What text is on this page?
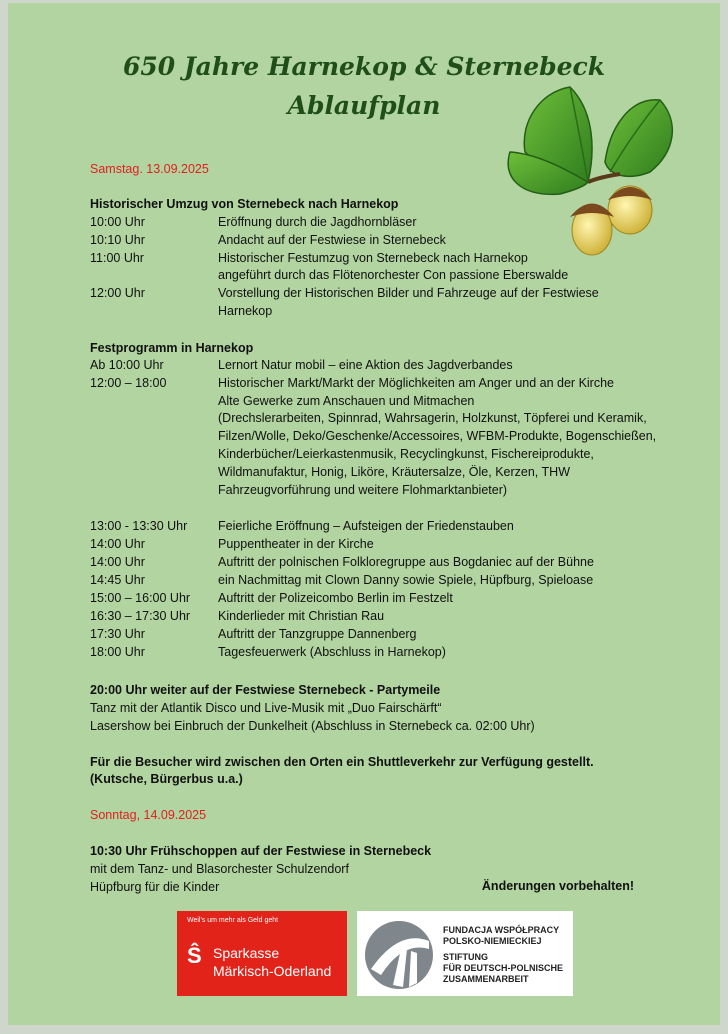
650 Jahre Harnekop & Sternebeck
Ablaufplan
Samstag. 13.09.2025
Historischer Umzug von Sternebeck nach Harnekop
10:00 Uhr	Eröffnung durch die Jagdhornbläser
10:10 Uhr	Andacht auf der Festwiese in Sternebeck
11:00 Uhr	Historischer Festumzug von Sternebeck nach Harnekop
angeführt durch das Flötenorchester Con passione Eberswalde
12:00 Uhr	Vorstellung der Historischen Bilder und Fahrzeuge auf der Festwiese
Harnekop
Festprogramm in Harnekop
Ab 10:00 Uhr	Lernort Natur mobil – eine Aktion des Jagdverbandes
12:00 – 18:00	Historischer Markt/Markt der Möglichkeiten am Anger und an der Kirche
Alte Gewerke zum Anschauen und Mitmachen
(Drechslerarbeiten, Spinnrad, Wahrsagerin, Holzkunst, Töpferei und Keramik,
Filzen/Wolle, Deko/Geschenke/Accessoires, WFBM-Produkte, Bogenschießen,
Kinderbücher/Leierkastenmusik, Recyclingkunst, Fischereiprodukte,
Wildmanufaktur, Honig, Liköre, Kräutersalze, Öle, Kerzen, THW
Fahrzeugvorführung und weitere Flohmarktanbieter)
13:00 - 13:30 Uhr Feierliche Eröffnung – Aufsteigen der Friedenstauben
14:00 Uhr	Puppentheater in der Kirche
14:00 Uhr	Auftritt der polnischen Folkloregruppe aus Bogdaniec auf der Bühne
14:45 Uhr	ein Nachmittag mit Clown Danny sowie Spiele, Hüpfburg, Spieloase
15:00 – 16:00 Uhr Auftritt der Polizeicombo Berlin im Festzelt
16:30 – 17:30 Uhr Kinderlieder mit Christian Rau
17:30 Uhr	Auftritt der Tanzgruppe Dannenberg
18:00 Uhr	Tagesfeuerwerk (Abschluss in Harnekop)
20:00 Uhr weiter auf der Festwiese Sternebeck - Partymeile
Tanz mit der Atlantik Disco und Live-Musik mit „Duo Fairschärft“
Lasershow bei Einbruch der Dunkelheit (Abschluss in Sternebeck ca. 02:00 Uhr)
Für die Besucher wird zwischen den Orten ein Shuttleverkehr zur Verfügung gestellt.
(Kutsche, Bürgerbus u.a.)
Sonntag, 14.09.2025
10:30 Uhr Frühschoppen auf der Festwiese in Sternebeck
mit dem Tanz- und Blasorchester Schulzendorf
Hüpfburg für die Kinder	Änderungen vorbehalten!
Weil's um mehr als Geld geht
Ŝ Sparkasse
Märkisch-Oderland
FUNDACJA WSPÓŁPRACY
POLSKO-NIEMIECKIEJ
STIFTUNG
FÜR DEUTSCH-POLNISCHE
ZUSAMMENARBEIT
